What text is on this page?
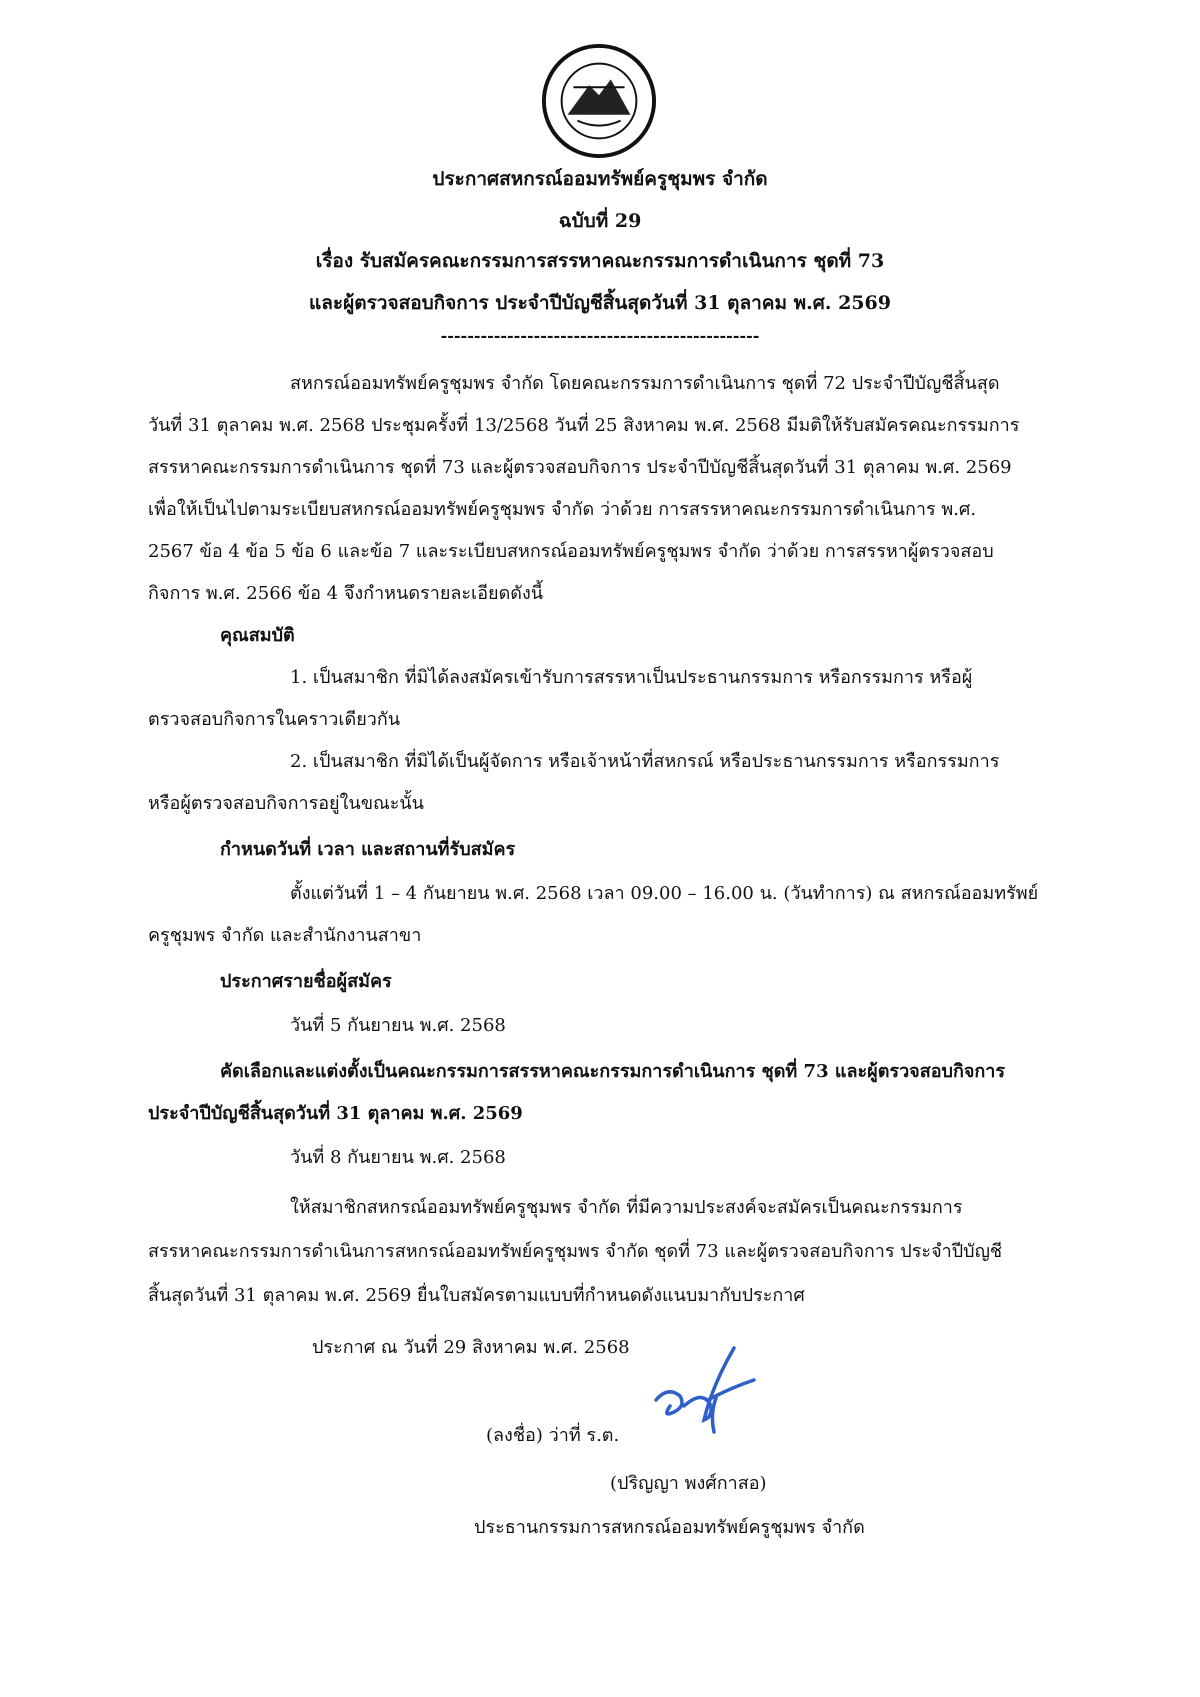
ประกาศสหกรณ์ออมทรัพย์ครูชุมพร จำกัด
ฉบับที่ 29
เรื่อง รับสมัครคณะกรรมการสรรหาคณะกรรมการดำเนินการ ชุดที่ 73
และผู้ตรวจสอบกิจการ ประจำปีบัญชีสิ้นสุดวันที่ 31 ตุลาคม พ.ศ. 2569
------------------------------------------------
สหกรณ์ออมทรัพย์ครูชุมพร จำกัด โดยคณะกรรมการดำเนินการ ชุดที่ 72 ประจำปีบัญชีสิ้นสุด
วันที่ 31 ตุลาคม พ.ศ. 2568 ประชุมครั้งที่ 13/2568 วันที่ 25 สิงหาคม พ.ศ. 2568 มีมติให้รับสมัครคณะกรรมการ
สรรหาคณะกรรมการดำเนินการ ชุดที่ 73 และผู้ตรวจสอบกิจการ ประจำปีบัญชีสิ้นสุดวันที่ 31 ตุลาคม พ.ศ. 2569
เพื่อให้เป็นไปตามระเบียบสหกรณ์ออมทรัพย์ครูชุมพร จำกัด ว่าด้วย การสรรหาคณะกรรมการดำเนินการ พ.ศ.
2567 ข้อ 4 ข้อ 5 ข้อ 6 และข้อ 7 และระเบียบสหกรณ์ออมทรัพย์ครูชุมพร จำกัด ว่าด้วย การสรรหาผู้ตรวจสอบ
กิจการ พ.ศ. 2566 ข้อ 4 จึงกำหนดรายละเอียดดังนี้
คุณสมบัติ
1. เป็นสมาชิก ที่มิได้ลงสมัครเข้ารับการสรรหาเป็นประธานกรรมการ หรือกรรมการ หรือผู้
ตรวจสอบกิจการในคราวเดียวกัน
2. เป็นสมาชิก ที่มิได้เป็นผู้จัดการ หรือเจ้าหน้าที่สหกรณ์ หรือประธานกรรมการ หรือกรรมการ
หรือผู้ตรวจสอบกิจการอยู่ในขณะนั้น
กำหนดวันที่ เวลา และสถานที่รับสมัคร
ตั้งแต่วันที่ 1 – 4 กันยายน พ.ศ. 2568 เวลา 09.00 – 16.00 น. (วันทำการ) ณ สหกรณ์ออมทรัพย์
ครูชุมพร จำกัด และสำนักงานสาขา
ประกาศรายชื่อผู้สมัคร
วันที่ 5 กันยายน พ.ศ. 2568
คัดเลือกและแต่งตั้งเป็นคณะกรรมการสรรหาคณะกรรมการดำเนินการ ชุดที่ 73 และผู้ตรวจสอบกิจการ
ประจำปีบัญชีสิ้นสุดวันที่ 31 ตุลาคม พ.ศ. 2569
วันที่ 8 กันยายน พ.ศ. 2568
ให้สมาชิกสหกรณ์ออมทรัพย์ครูชุมพร จำกัด ที่มีความประสงค์จะสมัครเป็นคณะกรรมการ
สรรหาคณะกรรมการดำเนินการสหกรณ์ออมทรัพย์ครูชุมพร จำกัด ชุดที่ 73 และผู้ตรวจสอบกิจการ ประจำปีบัญชี
สิ้นสุดวันที่ 31 ตุลาคม พ.ศ. 2569 ยื่นใบสมัครตามแบบที่กำหนดดังแนบมากับประกาศ
ประกาศ ณ วันที่ 29 สิงหาคม พ.ศ. 2568
(ลงชื่อ) ว่าที่ ร.ต.
(ปริญญา พงศ์กาสอ)
ประธานกรรมการสหกรณ์ออมทรัพย์ครูชุมพร จำกัด
